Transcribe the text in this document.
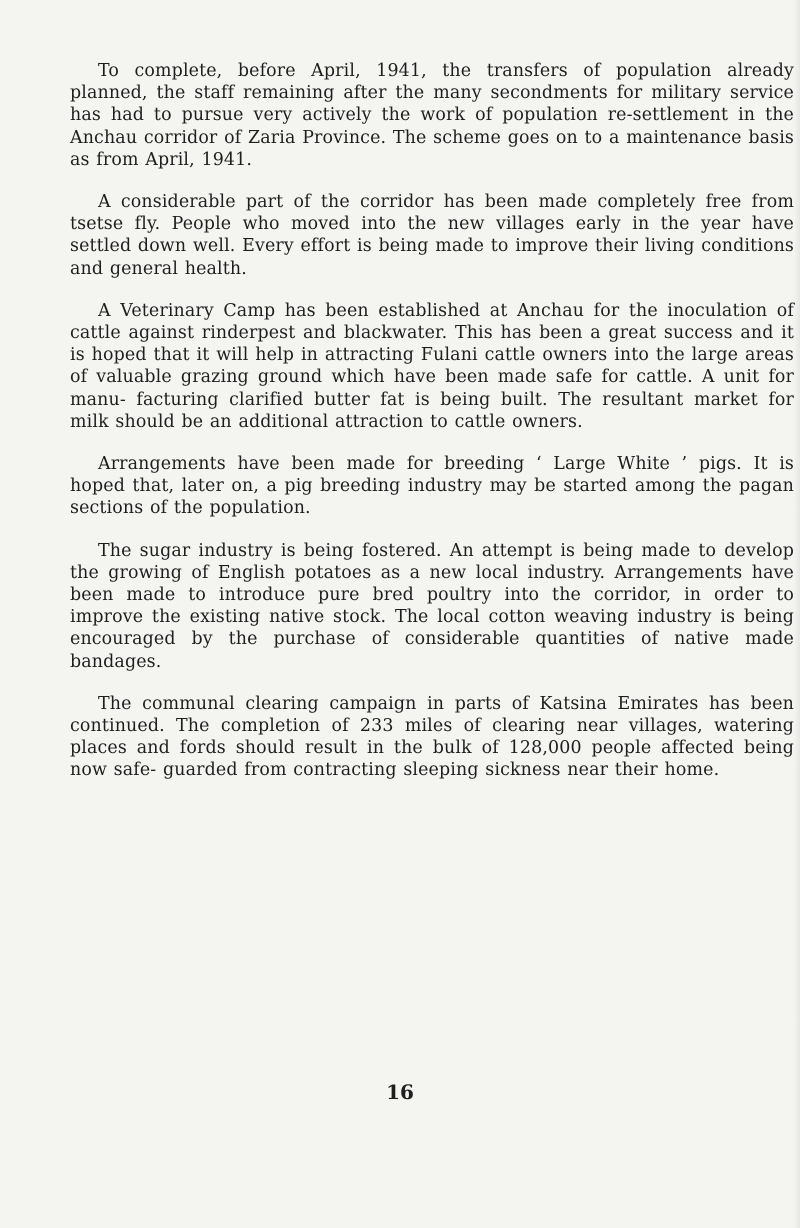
To complete, before April, 1941, the transfers of population already planned, the staff remaining after the many secondments for military service has had to pursue very actively the work of population re-settlement in the Anchau corridor of Zaria Province. The scheme goes on to a maintenance basis as from April, 1941.

A considerable part of the corridor has been made completely free from tsetse fly. People who moved into the new villages early in the year have settled down well. Every effort is being made to improve their living conditions and general health.

A Veterinary Camp has been established at Anchau for the inoculation of cattle against rinderpest and blackwater. This has been a great success and it is hoped that it will help in attracting Fulani cattle owners into the large areas of valuable grazing ground which have been made safe for cattle. A unit for manu- facturing clarified butter fat is being built. The resultant market for milk should be an additional attraction to cattle owners.

Arrangements have been made for breeding ‘ Large White ’ pigs. It is hoped that, later on, a pig breeding industry may be started among the pagan sections of the population.

The sugar industry is being fostered. An attempt is being made to develop the growing of English potatoes as a new local industry. Arrangements have been made to introduce pure bred poultry into the corridor, in order to improve the existing native stock. The local cotton weaving industry is being encouraged by the purchase of considerable quantities of native made bandages.

The communal clearing campaign in parts of Katsina Emirates has been continued. The completion of 233 miles of clearing near villages, watering places and fords should result in the bulk of 128,000 people affected being now safe- guarded from contracting sleeping sickness near their home.

16
